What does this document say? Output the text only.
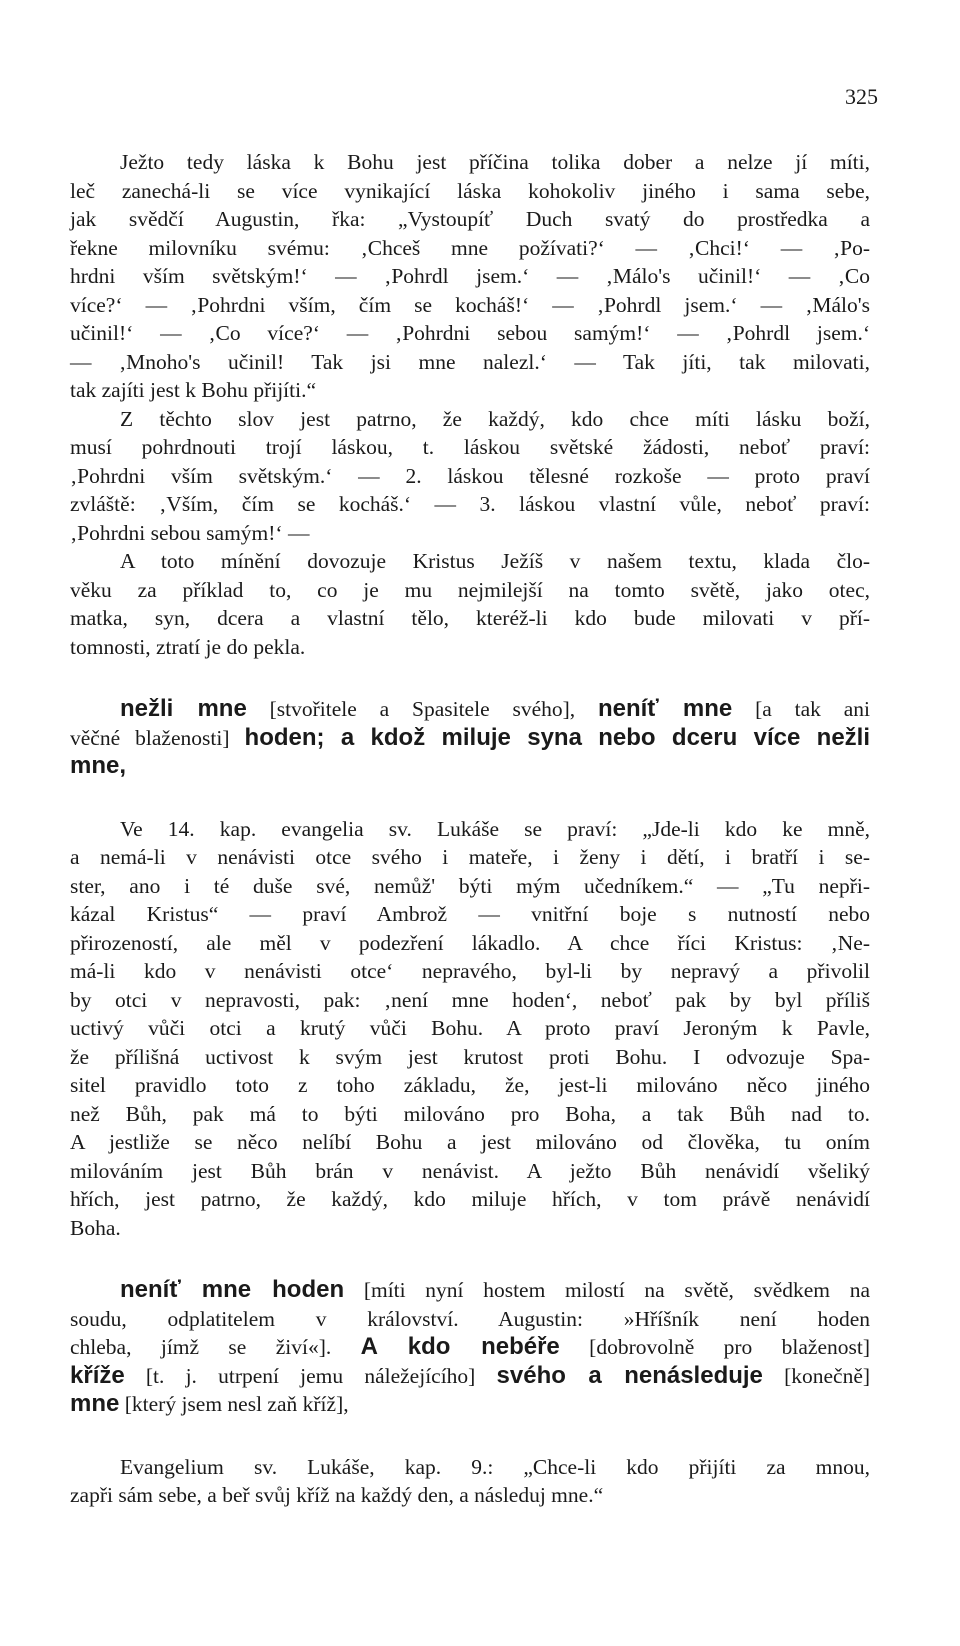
325

Ježto tedy láska k Bohu jest příčina tolika dober a nelze jí míti,
leč zanechá-li se více vynikající láska kohokoliv jiného i sama sebe,
jak svědčí Augustin, řka: „Vystoupíť Duch svatý do prostředka a
řekne milovníku svému: ‚Chceš mne požívati?‘ — ‚Chci!‘ — ‚Po-
hrdni vším světským!‘ — ‚Pohrdl jsem.‘ — ‚Málo's učinil!‘ — ‚Co
více?‘ — ‚Pohrdni vším, čím se kocháš!‘ — ‚Pohrdl jsem.‘ — ‚Málo's
učinil!‘ — ‚Co více?‘ — ‚Pohrdni sebou samým!‘ — ‚Pohrdl jsem.‘
— ‚Mnoho's učinil! Tak jsi mne nalezl.‘ — Tak jíti, tak milovati,
tak zajíti jest k Bohu přijíti.“

Z těchto slov jest patrno, že každý, kdo chce míti lásku boží,
musí pohrdnouti trojí láskou, t. láskou světské žádosti, neboť praví:
‚Pohrdni vším světským.‘ — 2. láskou tělesné rozkoše — proto praví
zvláště: ‚Vším, čím se kocháš.‘ — 3. láskou vlastní vůle, neboť praví:
‚Pohrdni sebou samým!‘ —

A toto mínění dovozuje Kristus Ježíš v našem textu, klada člo-
věku za příklad to, co je mu nejmilejší na tomto světě, jako otec,
matka, syn, dcera a vlastní tělo, kteréž-li kdo bude milovati v pří-
tomnosti, ztratí je do pekla.

nežli mne [stvořitele a Spasitele svého], neníť mne [a tak ani
věčné blaženosti] hoden; a kdož miluje syna nebo dceru více nežli
mne,

Ve 14. kap. evangelia sv. Lukáše se praví: „Jde-li kdo ke mně,
a nemá-li v nenávisti otce svého i mateře, i ženy i dětí, i bratří i se-
ster, ano i té duše své, nemůž' býti mým učedníkem.“ — „Tu nepři-
kázal Kristus“ — praví Ambrož — vnitřní boje s nutností nebo
přirozeností, ale měl v podezření lákadlo. A chce říci Kristus: ‚Ne-
má-li kdo v nenávisti otce‘ nepravého, byl-li by nepravý a přivolil
by otci v nepravosti, pak: ‚není mne hoden‘, neboť pak by byl příliš
uctivý vůči otci a krutý vůči Bohu. A proto praví Jeroným k Pavle,
že přílišná uctivost k svým jest krutost proti Bohu. I odvozuje Spa-
sitel pravidlo toto z toho základu, že, jest-li milováno něco jiného
než Bůh, pak má to býti milováno pro Boha, a tak Bůh nad to.
A jestliže se něco nelíbí Bohu a jest milováno od člověka, tu oním
milováním jest Bůh brán v nenávist. A ježto Bůh nenávidí všeliký
hřích, jest patrno, že každý, kdo miluje hřích, v tom právě nenávidí
Boha.

neníť mne hoden [míti nyní hostem milostí na světě, svědkem na
soudu, odplatitelem v království. Augustin: »Hříšník není hoden
chleba, jímž se živí«]. A kdo nebéře [dobrovolně pro blaženost]
kříže [t. j. utrpení jemu náležejícího] svého a nenásleduje [konečně]
mne [který jsem nesl zaň kříž],

Evangelium sv. Lukáše, kap. 9.: „Chce-li kdo přijíti za mnou,
zapři sám sebe, a beř svůj kříž na každý den, a následuj mne.“
